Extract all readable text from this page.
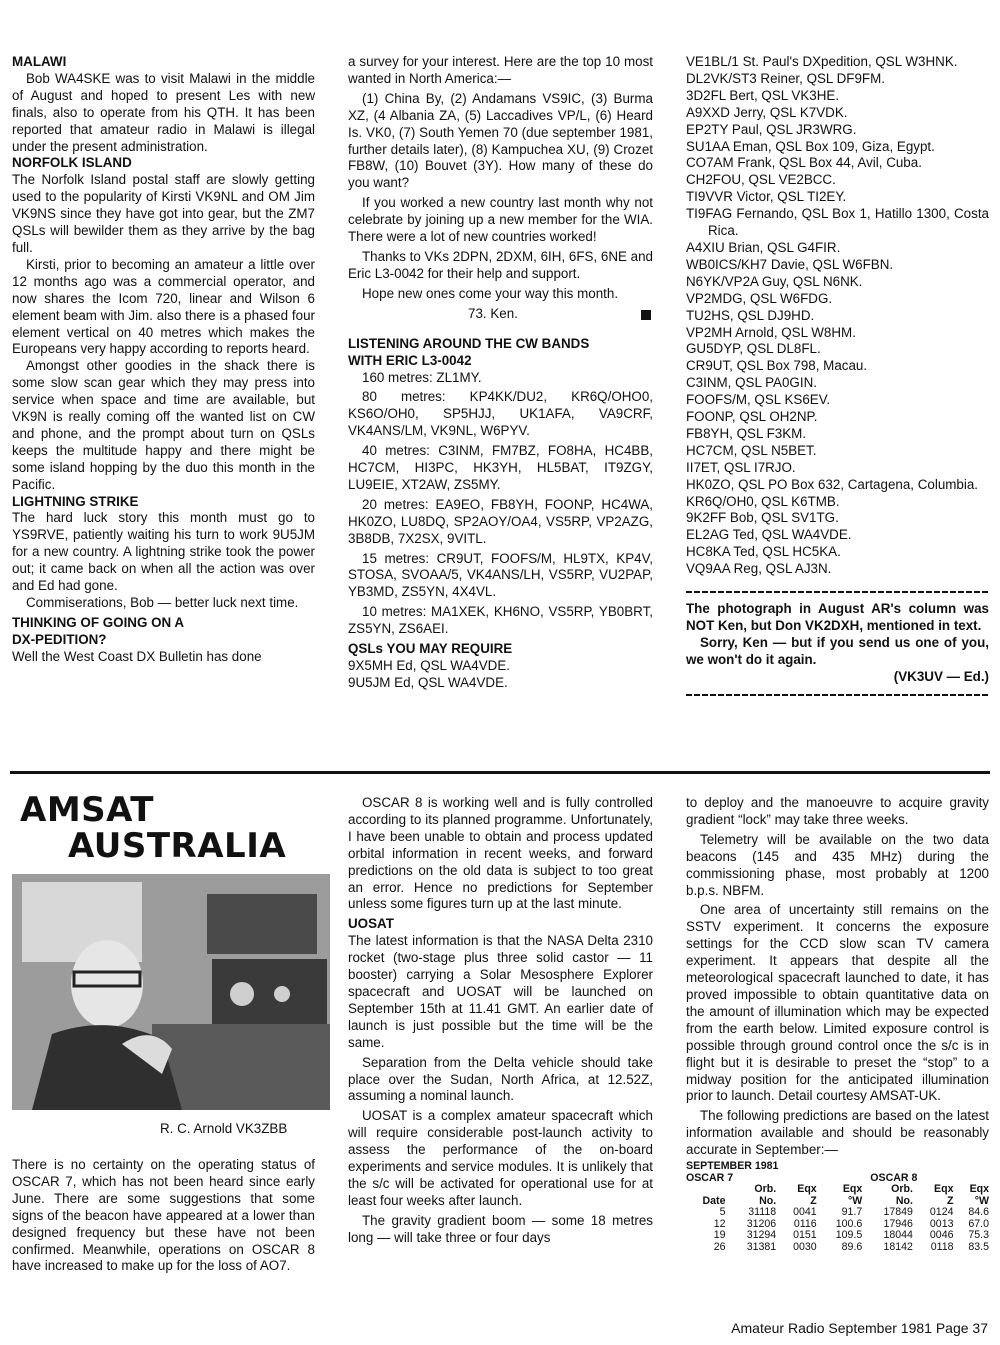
MALAWI

Bob WA4SKE was to visit Malawi in the middle of August and hoped to present Les with new finals, also to operate from his QTH. It has been reported that amateur radio in Malawi is illegal under the present administration.

NORFOLK ISLAND

The Norfolk Island postal staff are slowly getting used to the popularity of Kirsti VK9NL and OM Jim VK9NS since they have got into gear, but the ZM7 QSLs will bewilder them as they arrive by the bag full.

Kirsti, prior to becoming an amateur a little over 12 months ago was a commercial operator, and now shares the Icom 720, linear and Wilson 6 element beam with Jim. also there is a phased four element vertical on 40 metres which makes the Europeans very happy according to reports heard.

Amongst other goodies in the shack there is some slow scan gear which they may press into service when space and time are available, but VK9N is really coming off the wanted list on CW and phone, and the prompt about turn on QSLs keeps the multitude happy and there might be some island hopping by the duo this month in the Pacific.

LIGHTNING STRIKE

The hard luck story this month must go to YS9RVE, patiently waiting his turn to work 9U5JM for a new country. A lightning strike took the power out; it came back on when all the action was over and Ed had gone.

Commiserations, Bob — better luck next time.

THINKING OF GOING ON A

DX-PEDITION?

Well the West Coast DX Bulletin has done

a survey for your interest. Here are the top 10 most wanted in North America:—

(1) China By, (2) Andamans VS9IC, (3) Burma XZ, (4 Albania ZA, (5) Laccadives VP/L, (6) Heard Is. VK0, (7) South Yemen 70 (due september 1981, further details later), (8) Kampuchea XU, (9) Crozet FB8W, (10) Bouvet (3Y). How many of these do you want?

If you worked a new country last month why not celebrate by joining up a new member for the WIA. There were a lot of new countries worked!

Thanks to VKs 2DPN, 2DXM, 6IH, 6FS, 6NE and Eric L3-0042 for their help and support.

Hope new ones come your way this month.

73. Ken.

LISTENING AROUND THE CW BANDS

WITH ERIC L3-0042

160 metres: ZL1MY.

80 metres: KP4KK/DU2, KR6Q/OHO0, KS6O/OH0, SP5HJJ, UK1AFA, VA9CRF, VK4ANS/LM, VK9NL, W6PYV.

40 metres: C3INM, FM7BZ, FO8HA, HC4BB, HC7CM, HI3PC, HK3YH, HL5BAT, IT9ZGY, LU9EIE, XT2AW, ZS5MY.

20 metres: EA9EO, FB8YH, FOONP, HC4WA, HK0ZO, LU8DQ, SP2AOY/OA4, VS5RP, VP2AZG, 3B8DB, 7X2SX, 9VITL.

15 metres: CR9UT, FOOFS/M, HL9TX, KP4V, STOSA, SVOAA/5, VK4ANS/LH, VS5RP, VU2PAP, YB3MD, ZS5YN, 4X4VL.

10 metres: MA1XEK, KH6NO, VS5RP, YB0BRT, ZS5YN, ZS6AEI.

QSLs YOU MAY REQUIRE

9X5MH Ed, QSL WA4VDE.

9U5JM Ed, QSL WA4VDE.

VE1BL/1 St. Paul's DXpedition, QSL W3HNK.

DL2VK/ST3 Reiner, QSL DF9FM.

3D2FL Bert, QSL VK3HE.

A9XXD Jerry, QSL K7VDK.

EP2TY Paul, QSL JR3WRG.

SU1AA Eman, QSL Box 109, Giza, Egypt.

CO7AM Frank, QSL Box 44, Avil, Cuba.

CH2FOU, QSL VE2BCC.

TI9VVR Victor, QSL TI2EY.

TI9FAG Fernando, QSL Box 1, Hatillo 1300, Costa Rica.

A4XIU Brian, QSL G4FIR.

WB0ICS/KH7 Davie, QSL W6FBN.

N6YK/VP2A Guy, QSL N6NK.

VP2MDG, QSL W6FDG.

TU2HS, QSL DJ9HD.

VP2MH Arnold, QSL W8HM.

GU5DYP, QSL DL8FL.

CR9UT, QSL Box 798, Macau.

C3INM, QSL PA0GIN.

FOOFS/M, QSL KS6EV.

FOONP, QSL OH2NP.

FB8YH, QSL F3KM.

HC7CM, QSL N5BET.

II7ET, QSL I7RJO.

HK0ZO, QSL PO Box 632, Cartagena, Columbia.

KR6Q/OH0, QSL K6TMB.

9K2FF Bob, QSL SV1TG.

EL2AG Ted, QSL WA4VDE.

HC8KA Ted, QSL HC5KA.

VQ9AA Reg, QSL AJ3N.

The photograph in August AR's column was NOT Ken, but Don VK2DXH, mentioned in text.

Sorry, Ken — but if you send us one of you, we won't do it again.

(VK3UV — Ed.)

AMSAT
AUSTRALIA
R. C. Arnold VK3ZBB

There is no certainty on the operating status of OSCAR 7, which has not been heard since early June. There are some suggestions that some signs of the beacon have appeared at a lower than designed frequency but these have not been confirmed. Meanwhile, operations on OSCAR 8 have increased to make up for the loss of AO7.

OSCAR 8 is working well and is fully controlled according to its planned programme. Unfortunately, I have been unable to obtain and process updated orbital information in recent weeks, and forward predictions on the old data is subject to too great an error. Hence no predictions for September unless some figures turn up at the last minute.

UOSAT

The latest information is that the NASA Delta 2310 rocket (two-stage plus three solid castor — 11 booster) carrying a Solar Mesosphere Explorer spacecraft and UOSAT will be launched on September 15th at 11.41 GMT. An earlier date of launch is just possible but the time will be the same.

Separation from the Delta vehicle should take place over the Sudan, North Africa, at 12.52Z, assuming a nominal launch.

UOSAT is a complex amateur spacecraft which will require considerable post-launch activity to assess the performance of the on-board experiments and service modules. It is unlikely that the s/c will be activated for operational use for at least four weeks after launch.

The gravity gradient boom — some 18 metres long — will take three or four days

to deploy and the manoeuvre to acquire gravity gradient “lock” may take three weeks.

Telemetry will be available on the two data beacons (145 and 435 MHz) during the commissioning phase, most probably at 1200 b.p.s. NBFM.

One area of uncertainty still remains on the SSTV experiment. It concerns the exposure settings for the CCD slow scan TV camera experiment. It appears that despite all the meteorological spacecraft launched to date, it has proved impossible to obtain quantitative data on the amount of illumination which may be expected from the earth below. Limited exposure control is possible through ground control once the s/c is in flight but it is desirable to preset the “stop” to a midway position for the anticipated illumination prior to launch. Detail courtesy AMSAT-UK.

The following predictions are based on the latest information available and should be reasonably accurate in September:—

SEPTEMBER 1981						
OSCAR 7				OSCAR 8		
	Orb.	Eqx	Eqx	Orb.	Eqx	Eqx
Date	No.	Z	°W	No.	Z	°W
5	31118	0041	91.7	17849	0124	84.6
12	31206	0116	100.6	17946	0013	67.0
19	31294	0151	109.5	18044	0046	75.3
26	31381	0030	89.6	18142	0118	83.5
Amateur Radio September 1981 Page 37
